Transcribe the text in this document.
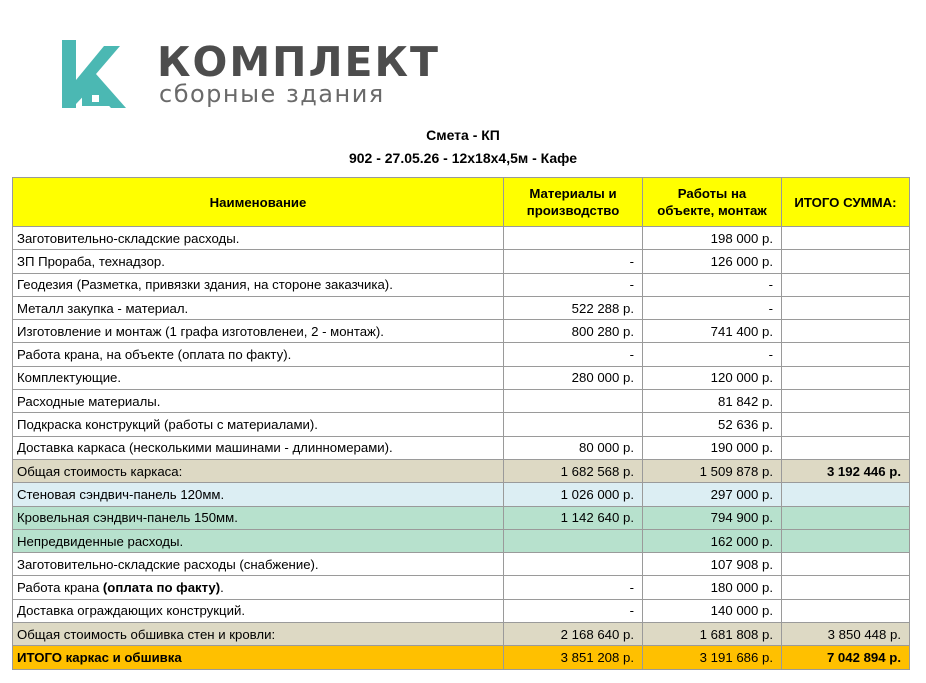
КОМПЛЕКТ
сборные здания
Смета - КП
902 - 27.05.26 - 12х18х4,5м - Кафе
Наименование	Материалы и производство	Работы на объекте, монтаж	ИТОГО СУММА:
Заготовительно-складские расходы.		198 000 р.	
ЗП Прораба, технадзор.	-	126 000 р.	
Геодезия (Разметка, привязки здания, на стороне заказчика).	-	-	
Металл закупка - материал.	522 288 р.	-	
Изготовление и монтаж (1 графа изготовленеи, 2 - монтаж).	800 280 р.	741 400 р.	
Работа крана, на объекте (оплата по факту).	-	-	
Комплектующие.	280 000 р.	120 000 р.	
Расходные материалы.		81 842 р.	
Подкраска конструкций (работы с материалами).		52 636 р.	
Доставка каркаса (несколькими машинами - длинномерами).	80 000 р.	190 000 р.	
Общая стоимость каркаса:	1 682 568 р.	1 509 878 р.	3 192 446 р.
Стеновая сэндвич-панель 120мм.	1 026 000 р.	297 000 р.	
Кровельная сэндвич-панель 150мм.	1 142 640 р.	794 900 р.	
Непредвиденные расходы.		162 000 р.	
Заготовительно-складские расходы (снабжение).		107 908 р.	
Работа крана (оплата по факту).	-	180 000 р.	
Доставка ограждающих конструкций.	-	140 000 р.	
Общая стоимость обшивка стен и кровли:	2 168 640 р.	1 681 808 р.	3 850 448 р.
ИТОГО каркас и обшивка	3 851 208 р.	3 191 686 р.	7 042 894 р.
